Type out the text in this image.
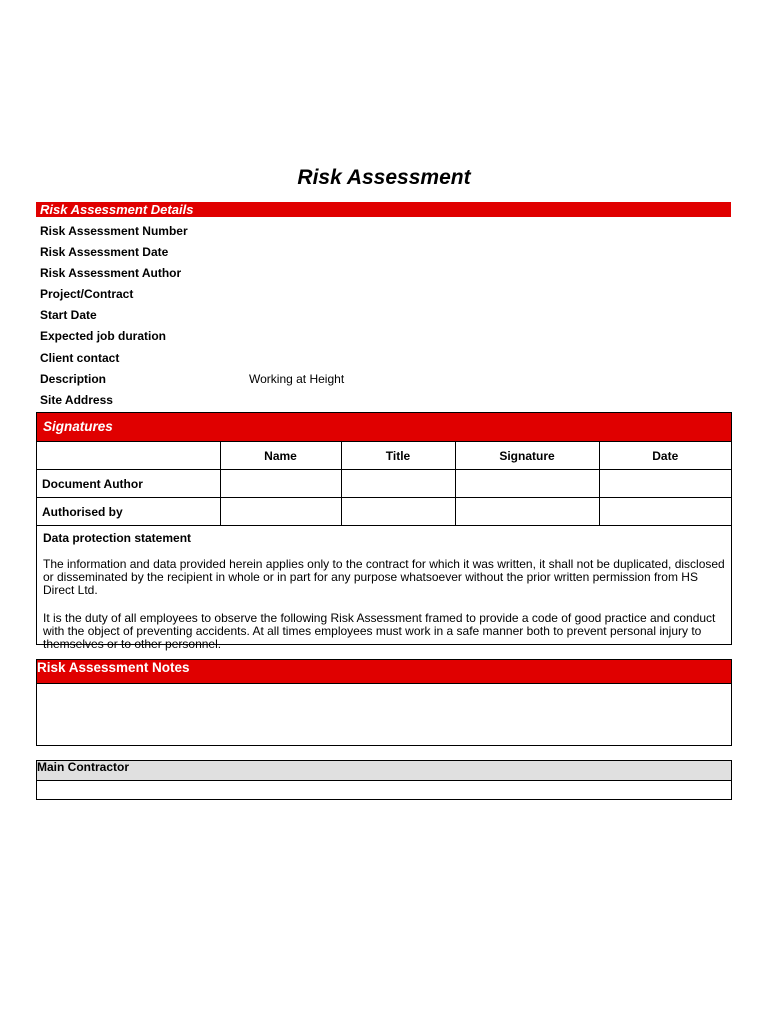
Risk Assessment
Risk Assessment Details
Risk Assessment Number
Risk Assessment Date
Risk Assessment Author
Project/Contract
Start Date
Expected job duration
Client contact
Description	Working at Height
Site Address
Signatures
	Name	Title	Signature	Date
Document Author				
Authorised by				
Data protection statement
The information and data provided herein applies only to the contract for which it was written, it shall not be duplicated, disclosed or disseminated by the recipient in whole or in part for any purpose whatsoever without the prior written permission from HS Direct Ltd.
It is the duty of all employees to observe the following Risk Assessment framed to provide a code of good practice and conduct with the object of preventing accidents. At all times employees must work in a safe manner both to prevent personal injury to themselves or to other personnel.
Risk Assessment Notes
Main Contractor
